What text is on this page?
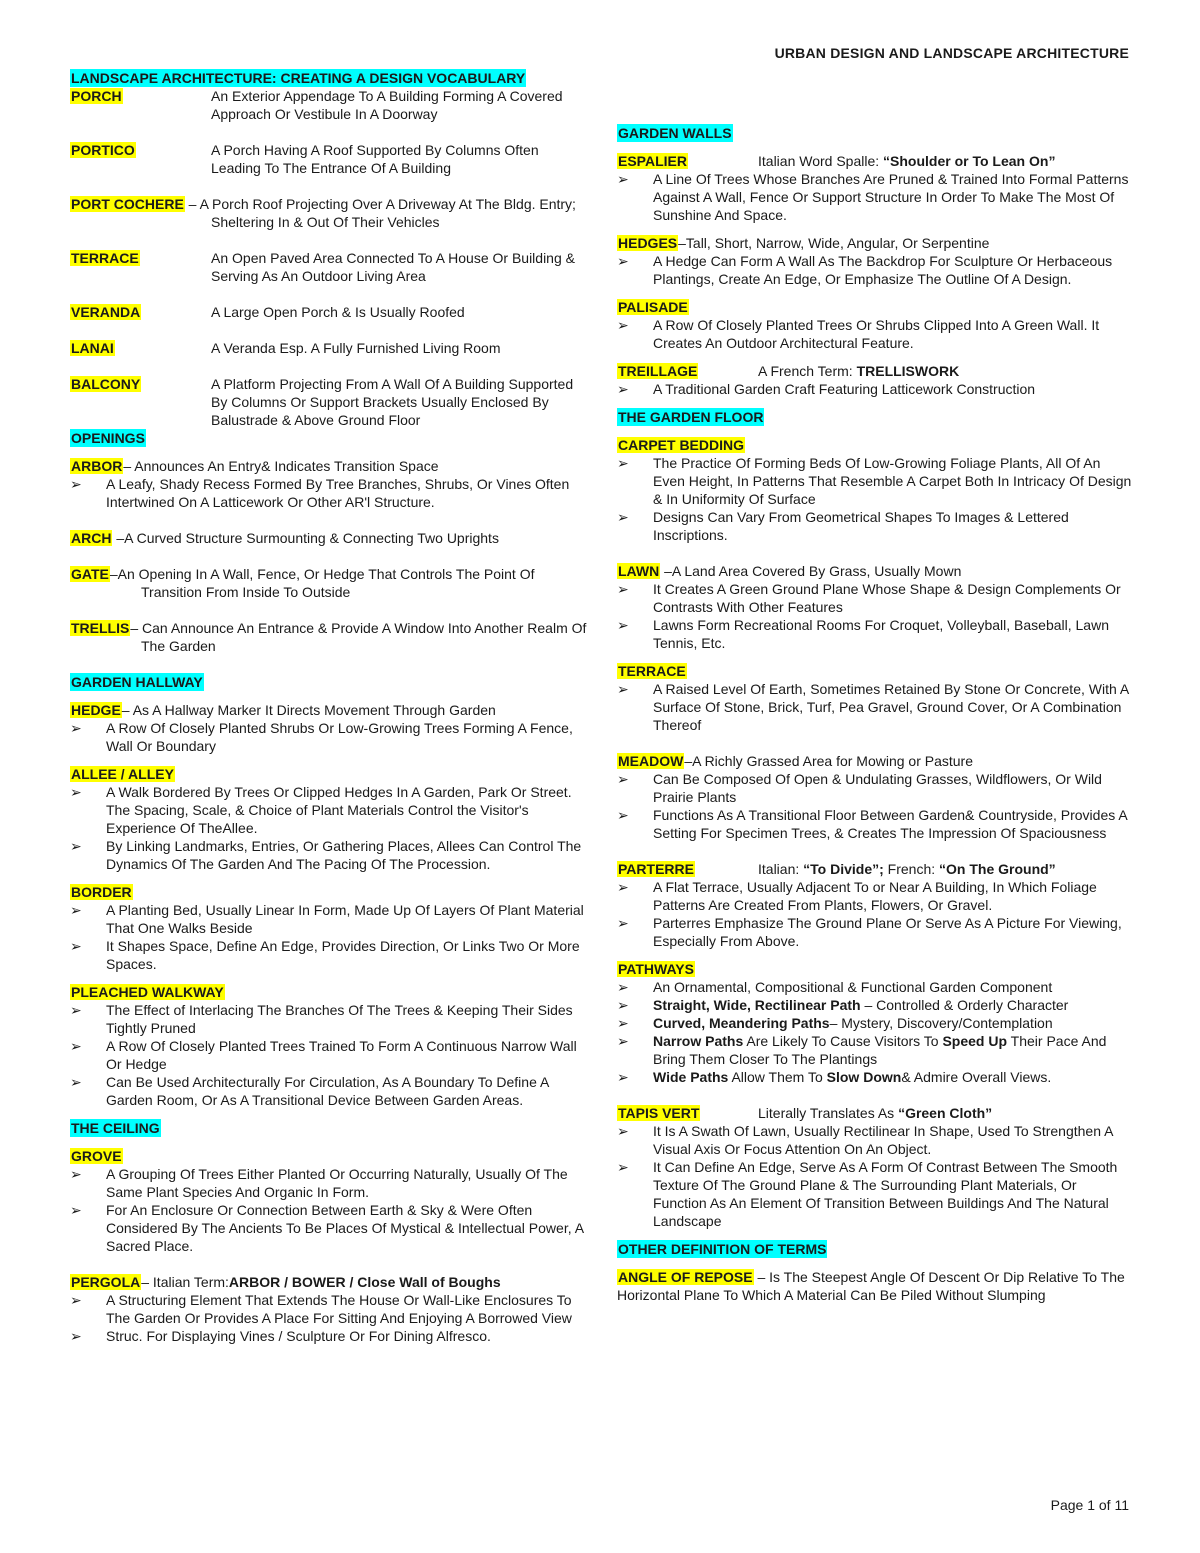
URBAN DESIGN AND LANDSCAPE ARCHITECTURE
LANDSCAPE ARCHITECTURE: CREATING A DESIGN VOCABULARY
PORCH	An Exterior Appendage To A Building Forming A Covered Approach Or Vestibule In A Doorway
PORTICO	A Porch Having A Roof Supported By Columns Often Leading To The Entrance Of A Building
PORT COCHERE – A Porch Roof Projecting Over A Driveway At The Bldg. Entry; Sheltering In & Out Of Their Vehicles
TERRACE	An Open Paved Area Connected To A House Or Building & Serving As An Outdoor Living Area
VERANDA	A Large Open Porch & Is Usually Roofed
LANAI	A Veranda Esp. A Fully Furnished Living Room
BALCONY	A Platform Projecting From A Wall Of A Building Supported By Columns Or Support Brackets Usually Enclosed By Balustrade & Above Ground Floor
OPENINGS
ARBOR– Announces An Entry& Indicates Transition Space
➢	A Leafy, Shady Recess Formed By Tree Branches, Shrubs, Or Vines Often Intertwined On A Latticework Or Other AR'l Structure.
ARCH –A Curved Structure Surmounting & Connecting Two Uprights
GATE–An Opening In A Wall, Fence, Or Hedge That Controls The Point Of Transition From Inside To Outside
TRELLIS– Can Announce An Entrance & Provide A Window Into Another Realm Of The Garden
GARDEN HALLWAY
HEDGE– As A Hallway Marker It Directs Movement Through Garden
➢	A Row Of Closely Planted Shrubs Or Low-Growing Trees Forming A Fence, Wall Or Boundary
ALLEE / ALLEY
➢	A Walk Bordered By Trees Or Clipped Hedges In A Garden, Park Or Street. The Spacing, Scale, & Choice of Plant Materials Control the Visitor's Experience Of TheAllee.
➢	By Linking Landmarks, Entries, Or Gathering Places, Allees Can Control The Dynamics Of The Garden And The Pacing Of The Procession.
BORDER
➢	A Planting Bed, Usually Linear In Form, Made Up Of Layers Of Plant Material That One Walks Beside
➢	It Shapes Space, Define An Edge, Provides Direction, Or Links Two Or More Spaces.
PLEACHED WALKWAY
➢	The Effect of Interlacing The Branches Of The Trees & Keeping Their Sides Tightly Pruned
➢	A Row Of Closely Planted Trees Trained To Form A Continuous Narrow Wall Or Hedge
➢	Can Be Used Architecturally For Circulation, As A Boundary To Define A Garden Room, Or As A Transitional Device Between Garden Areas.
THE CEILING
GROVE
➢	A Grouping Of Trees Either Planted Or Occurring Naturally, Usually Of The Same Plant Species And Organic In Form.
➢	For An Enclosure Or Connection Between Earth & Sky & Were Often Considered By The Ancients To Be Places Of Mystical & Intellectual Power, A Sacred Place.
PERGOLA– Italian Term:ARBOR / BOWER / Close Wall of Boughs
➢	A Structuring Element That Extends The House Or Wall-Like Enclosures To The Garden Or Provides A Place For Sitting And Enjoying A Borrowed View
➢	Struc. For Displaying Vines / Sculpture Or For Dining Alfresco.
GARDEN WALLS
ESPALIER	Italian Word Spalle: “Shoulder or To Lean On”
➢	A Line Of Trees Whose Branches Are Pruned & Trained Into Formal Patterns Against A Wall, Fence Or Support Structure In Order To Make The Most Of Sunshine And Space.
HEDGES–Tall, Short, Narrow, Wide, Angular, Or Serpentine
➢	A Hedge Can Form A Wall As The Backdrop For Sculpture Or Herbaceous Plantings, Create An Edge, Or Emphasize The Outline Of A Design.
PALISADE
➢	A Row Of Closely Planted Trees Or Shrubs Clipped Into A Green Wall. It Creates An Outdoor Architectural Feature.
TREILLAGE	A French Term: TRELLISWORK
➢	A Traditional Garden Craft Featuring Latticework Construction
THE GARDEN FLOOR
CARPET BEDDING
➢	The Practice Of Forming Beds Of Low-Growing Foliage Plants, All Of An Even Height, In Patterns That Resemble A Carpet Both In Intricacy Of Design & In Uniformity Of Surface
➢	Designs Can Vary From Geometrical Shapes To Images & Lettered Inscriptions.
LAWN –A Land Area Covered By Grass, Usually Mown
➢	It Creates A Green Ground Plane Whose Shape & Design Complements Or Contrasts With Other Features
➢	Lawns Form Recreational Rooms For Croquet, Volleyball, Baseball, Lawn Tennis, Etc.
TERRACE
➢	A Raised Level Of Earth, Sometimes Retained By Stone Or Concrete, With A Surface Of Stone, Brick, Turf, Pea Gravel, Ground Cover, Or A Combination Thereof
MEADOW–A Richly Grassed Area for Mowing or Pasture
➢	Can Be Composed Of Open & Undulating Grasses, Wildflowers, Or Wild Prairie Plants
➢	Functions As A Transitional Floor Between Garden& Countryside, Provides A Setting For Specimen Trees, & Creates The Impression Of Spaciousness
PARTERRE	Italian: “To Divide”; French: “On The Ground”
➢	A Flat Terrace, Usually Adjacent To or Near A Building, In Which Foliage Patterns Are Created From Plants, Flowers, Or Gravel.
➢	Parterres Emphasize The Ground Plane Or Serve As A Picture For Viewing, Especially From Above.
PATHWAYS
➢	An Ornamental, Compositional & Functional Garden Component
➢	Straight, Wide, Rectilinear Path – Controlled & Orderly Character
➢	Curved, Meandering Paths– Mystery, Discovery/Contemplation
➢	Narrow Paths Are Likely To Cause Visitors To Speed Up Their Pace And Bring Them Closer To The Plantings
➢	Wide Paths Allow Them To Slow Down& Admire Overall Views.
TAPIS VERT	Literally Translates As “Green Cloth”
➢	It Is A Swath Of Lawn, Usually Rectilinear In Shape, Used To Strengthen A Visual Axis Or Focus Attention On An Object.
➢	It Can Define An Edge, Serve As A Form Of Contrast Between The Smooth Texture Of The Ground Plane & The Surrounding Plant Materials, Or Function As An Element Of Transition Between Buildings And The Natural Landscape
OTHER DEFINITION OF TERMS
ANGLE OF REPOSE – Is The Steepest Angle Of Descent Or Dip Relative To The Horizontal Plane To Which A Material Can Be Piled Without Slumping
Page 1 of 11
